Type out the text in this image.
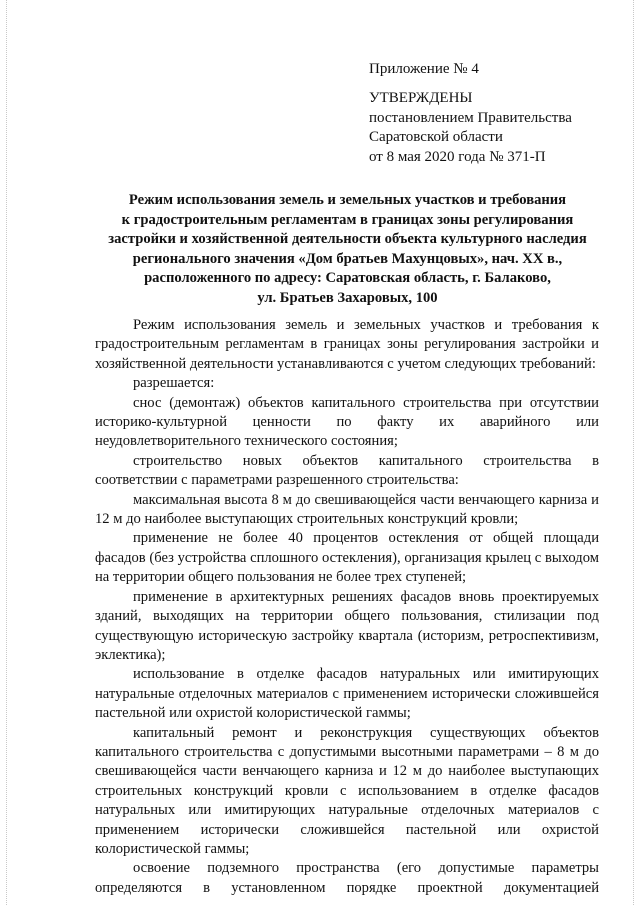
Приложение № 4
УТВЕРЖДЕНЫ
постановлением Правительства
Саратовской области
от 8 мая 2020 года № 371-П
Режим использования земель и земельных участков и требования
к градостроительным регламентам в границах зоны регулирования
застройки и хозяйственной деятельности объекта культурного наследия
регионального значения «Дом братьев Махунцовых», нач. XX в.,
расположенного по адресу: Саратовская область, г. Балаково,
ул. Братьев Захаровых, 100

Режим использования земель и земельных участков и требования к градостроительным регламентам в границах зоны регулирования застройки и хозяйственной деятельности устанавливаются с учетом следующих требований:

разрешается:

снос (демонтаж) объектов капитального строительства при отсутствии историко-культурной ценности по факту их аварийного или неудовлетворительного технического состояния;

строительство новых объектов капитального строительства в соответствии с параметрами разрешенного строительства:

максимальная высота 8 м до свешивающейся части венчающего карниза и 12 м до наиболее выступающих строительных конструкций кровли;

применение не более 40 процентов остекления от общей площади фасадов (без устройства сплошного остекления), организация крылец с выходом на территории общего пользования не более трех ступеней;

применение в архитектурных решениях фасадов вновь проектируемых зданий, выходящих на территории общего пользования, стилизации под существующую историческую застройку квартала (историзм, ретроспективизм, эклектика);

использование в отделке фасадов натуральных или имитирующих натуральные отделочных материалов с применением исторически сложившейся пастельной или охристой колористической гаммы;

капитальный ремонт и реконструкция существующих объектов капитального строительства с допустимыми высотными параметрами – 8 м до свешивающейся части венчающего карниза и 12 м до наиболее выступающих строительных конструкций кровли с использованием в отделке фасадов натуральных или имитирующих натуральные отделочных материалов с применением исторически сложившейся пастельной или охристой колористической гаммы;

освоение подземного пространства (его допустимые параметры определяются в установленном порядке проектной документацией
